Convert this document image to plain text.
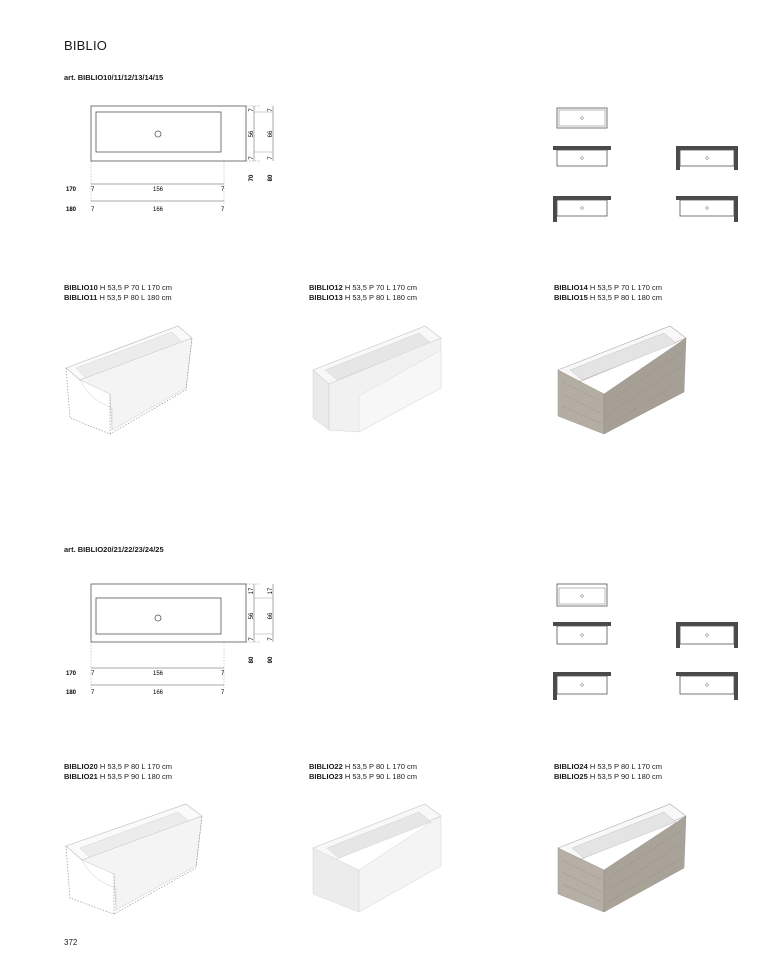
BIBLIO
art. BIBLIO10/11/12/13/14/15
7
56
7
70
7
66
7
80
170 7	156	7
180 7	166	7
BIBLIO10 H 53,5 P 70 L 170 cm
BIBLIO11 H 53,5 P 80 L 180 cm
BIBLIO12 H 53,5 P 70 L 170 cm
BIBLIO13 H 53,5 P 80 L 180 cm
BIBLIO14 H 53,5 P 70 L 170 cm
BIBLIO15 H 53,5 P 80 L 180 cm
art. BIBLIO20/21/22/23/24/25
17
56
7
80
17
66
7
90
170 7	156	7
180 7	166	7
BIBLIO20 H 53,5 P 80 L 170 cm
BIBLIO21 H 53,5 P 90 L 180 cm
BIBLIO22 H 53,5 P 80 L 170 cm
BIBLIO23 H 53,5 P 90 L 180 cm
BIBLIO24 H 53,5 P 80 L 170 cm
BIBLIO25 H 53,5 P 90 L 180 cm
372
